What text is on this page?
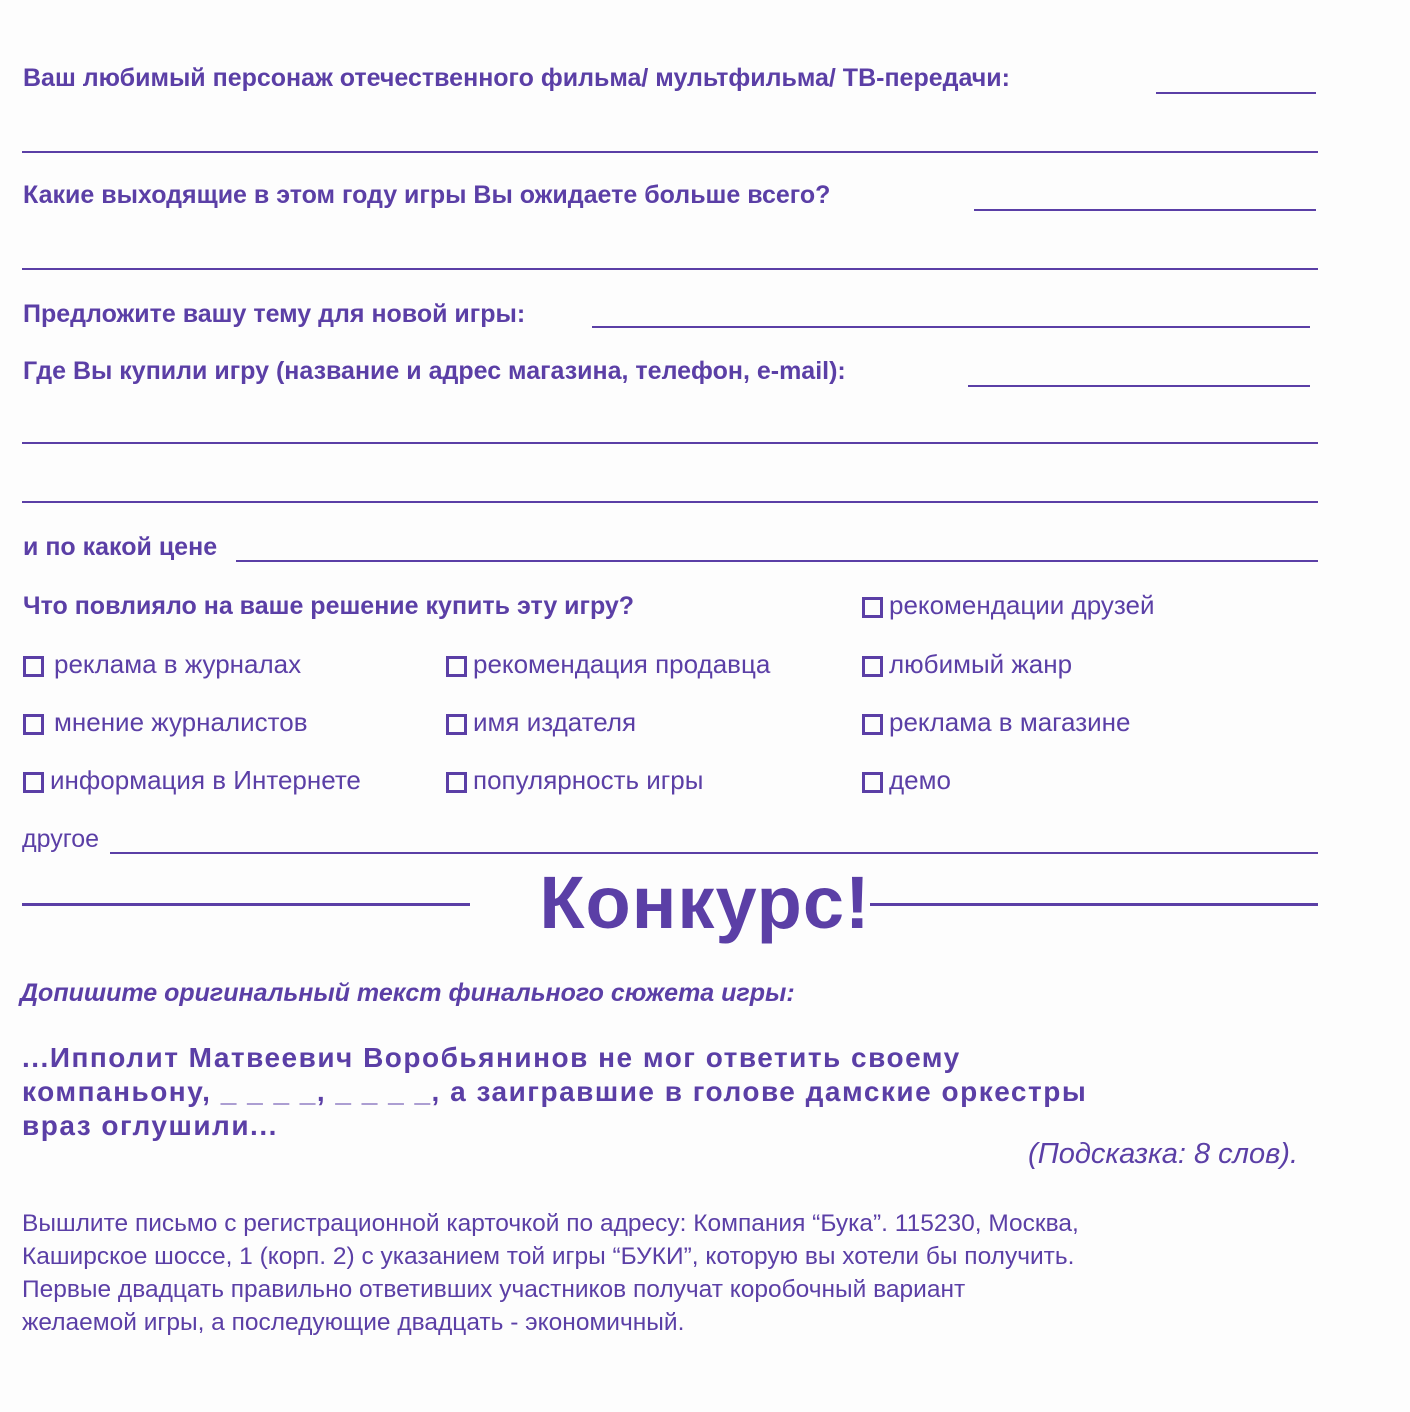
Ваш любимый персонаж отечественного фильма/ мультфильма/ ТВ-передачи:
Какие выходящие в этом году игры Вы ожидаете больше всего?
Предложите вашу тему для новой игры:
Где Вы купили игру (название и адрес магазина, телефон, e-mail):
и по какой цене
Что повлияло на ваше решение купить эту игру?	рекомендации друзей
реклама в журналах	рекомендация продавца	любимый жанр
мнение журналистов	имя издателя	реклама в магазине
информация в Интернете	популярность игры	демо
другое
Конкурс!
Допишите оригинальный текст финального сюжета игры:
...Ипполит Матвеевич Воробьянинов не мог ответить своему
компаньону, _ _ _ _, _ _ _ _, а заигравшие в голове дамские оркестры
враз оглушили...
(Подсказка: 8 слов).
Вышлите письмо с регистрационной карточкой по адресу: Компания “Бука”. 115230, Москва,
Каширское шоссе, 1 (корп. 2) с указанием той игры “БУКИ”, которую вы хотели бы получить.
Первые двадцать правильно ответивших участников получат коробочный вариант
желаемой игры, а последующие двадцать - экономичный.
